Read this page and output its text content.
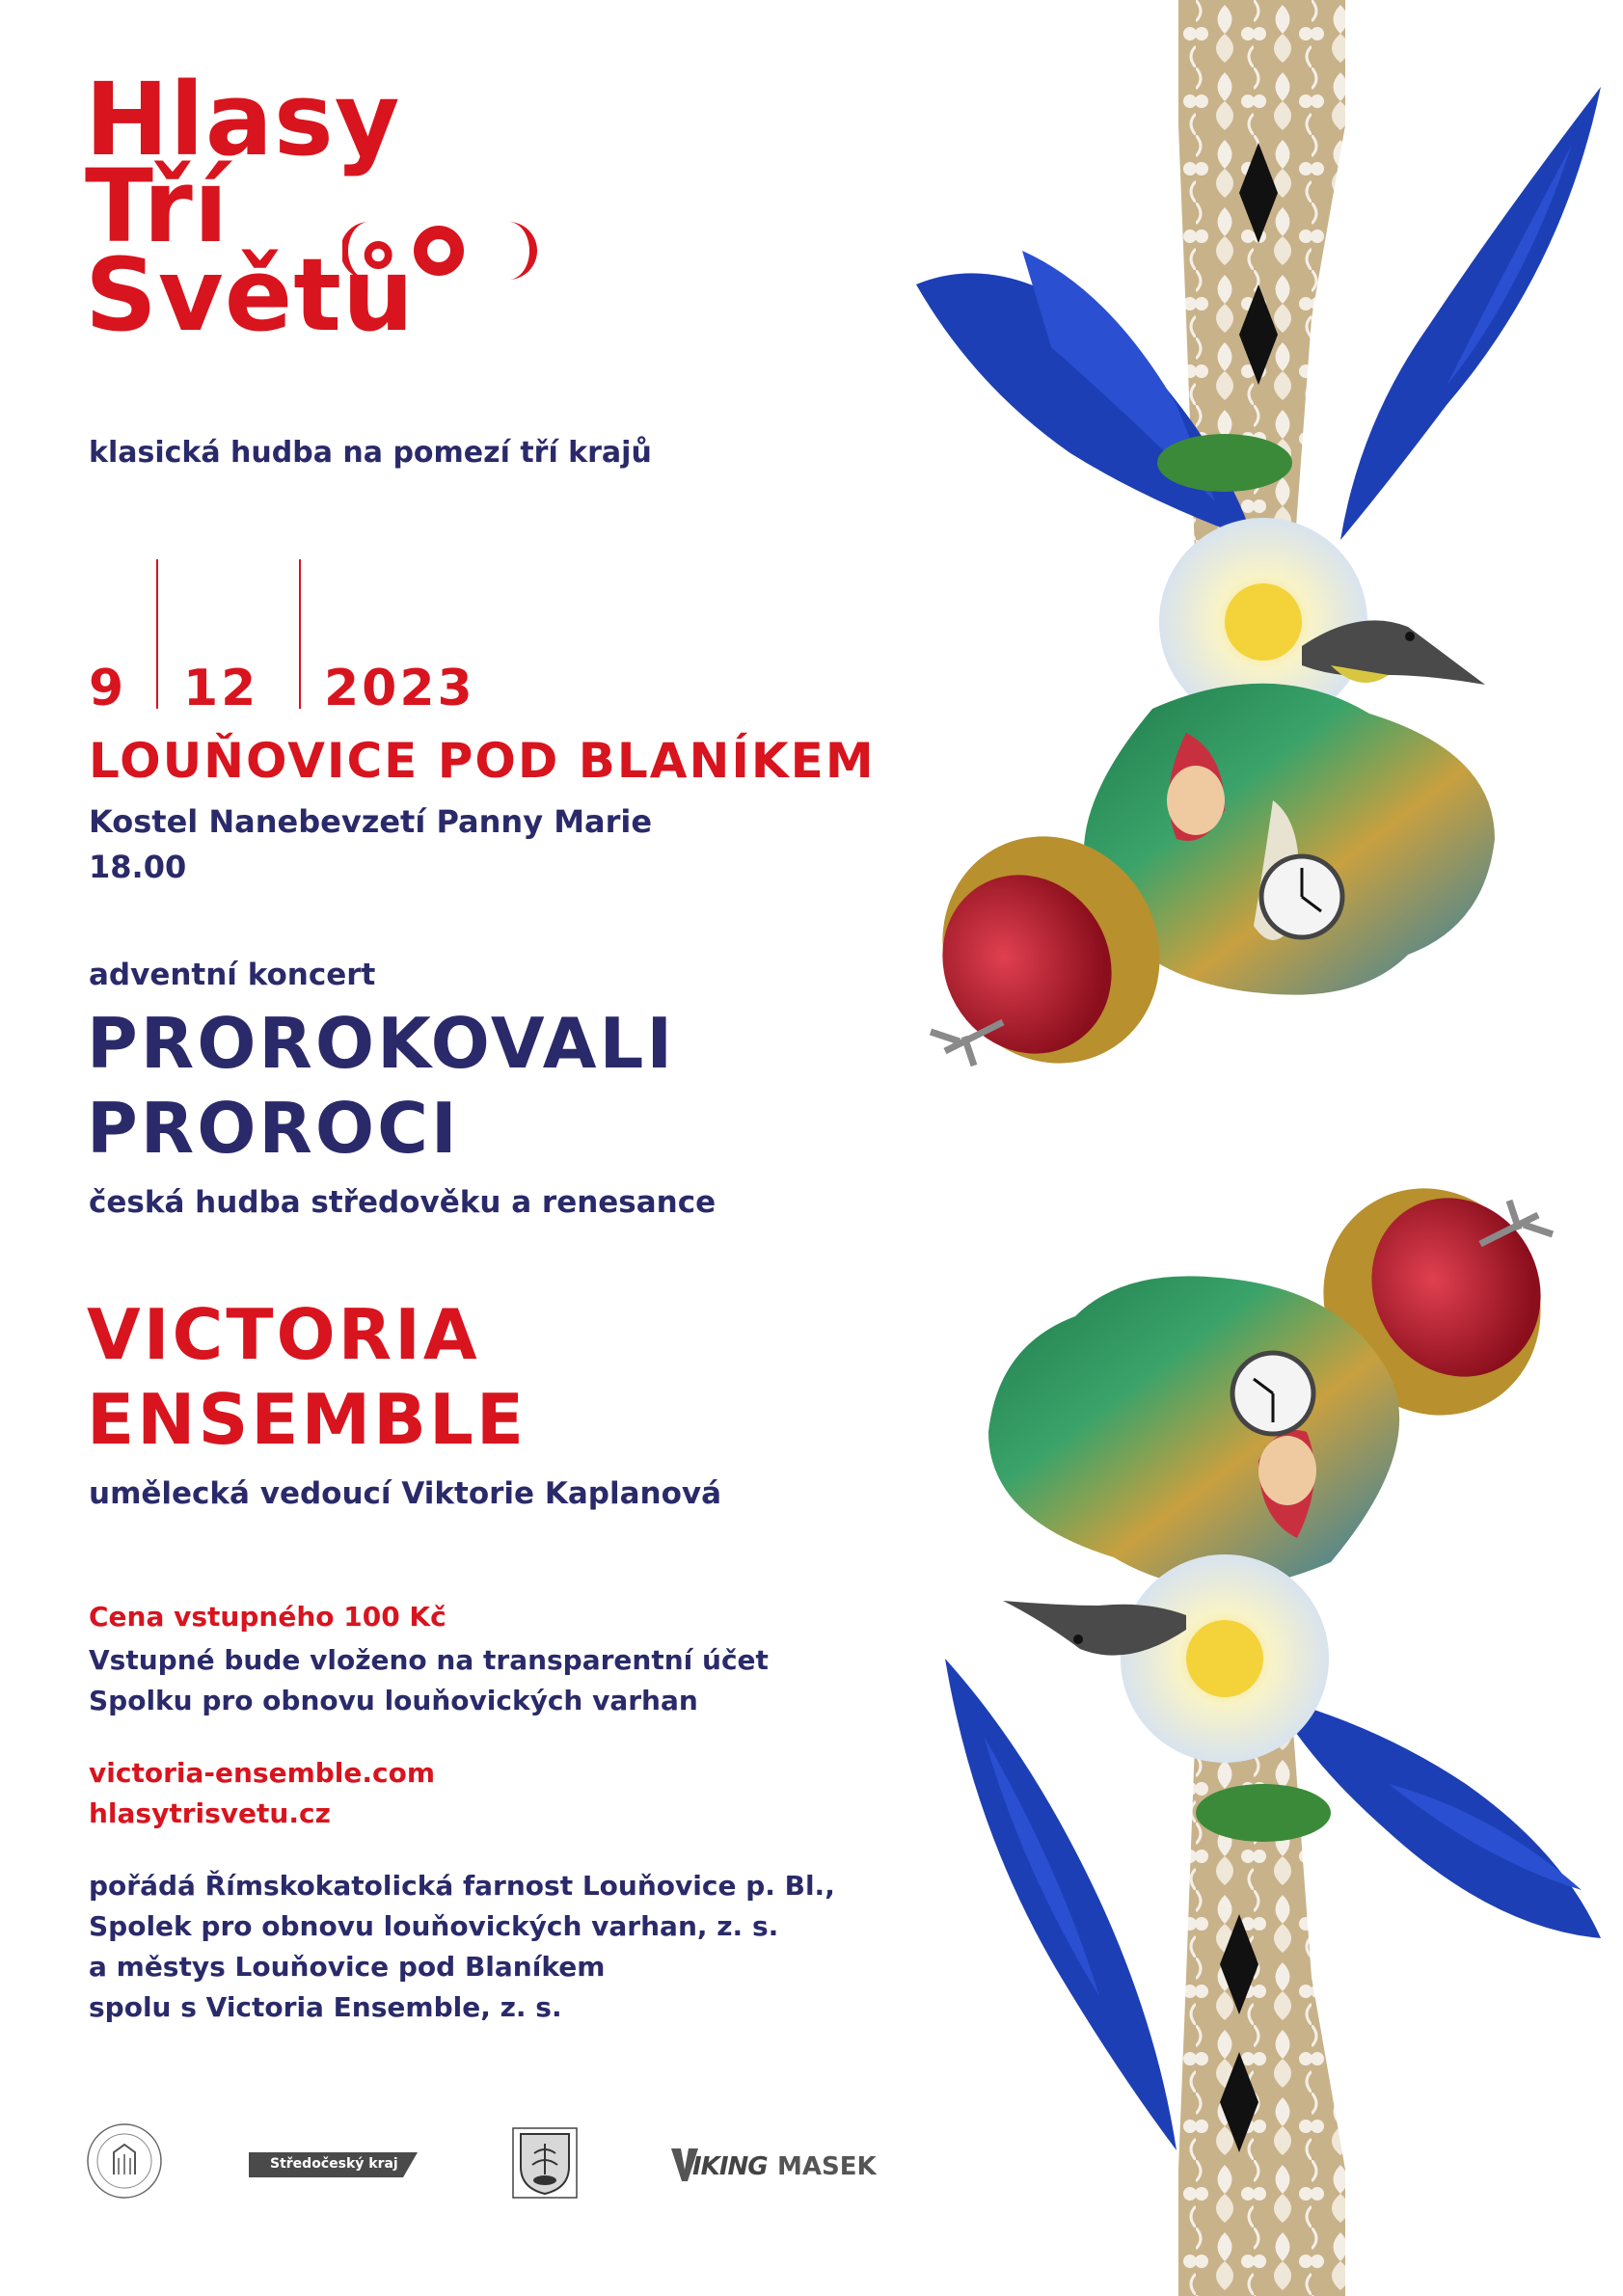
Hlasy
Tří
Světů
klasická hudba na pomezí tří krajů
9 12 2023
LOUŇOVICE POD BLANÍKEM
Kostel Nanebevzetí Panny Marie
18.00
adventní koncert
PROROKOVALI
PROROCI
česká hudba středověku a renesance
VICTORIA
ENSEMBLE
umělecká vedoucí Viktorie Kaplanová
Cena vstupného 100 Kč
Vstupné bude vloženo na transparentní účet
Spolku pro obnovu louňovických varhan
victoria-ensemble.com
hlasytrisvetu.cz
pořádá Římskokatolická farnost Louňovice p. Bl.,
Spolek pro obnovu louňovických varhan, z. s.
a městys Louňovice pod Blaníkem
spolu s Victoria Ensemble, z. s.
Středočeský kraj	IKING MASEK
